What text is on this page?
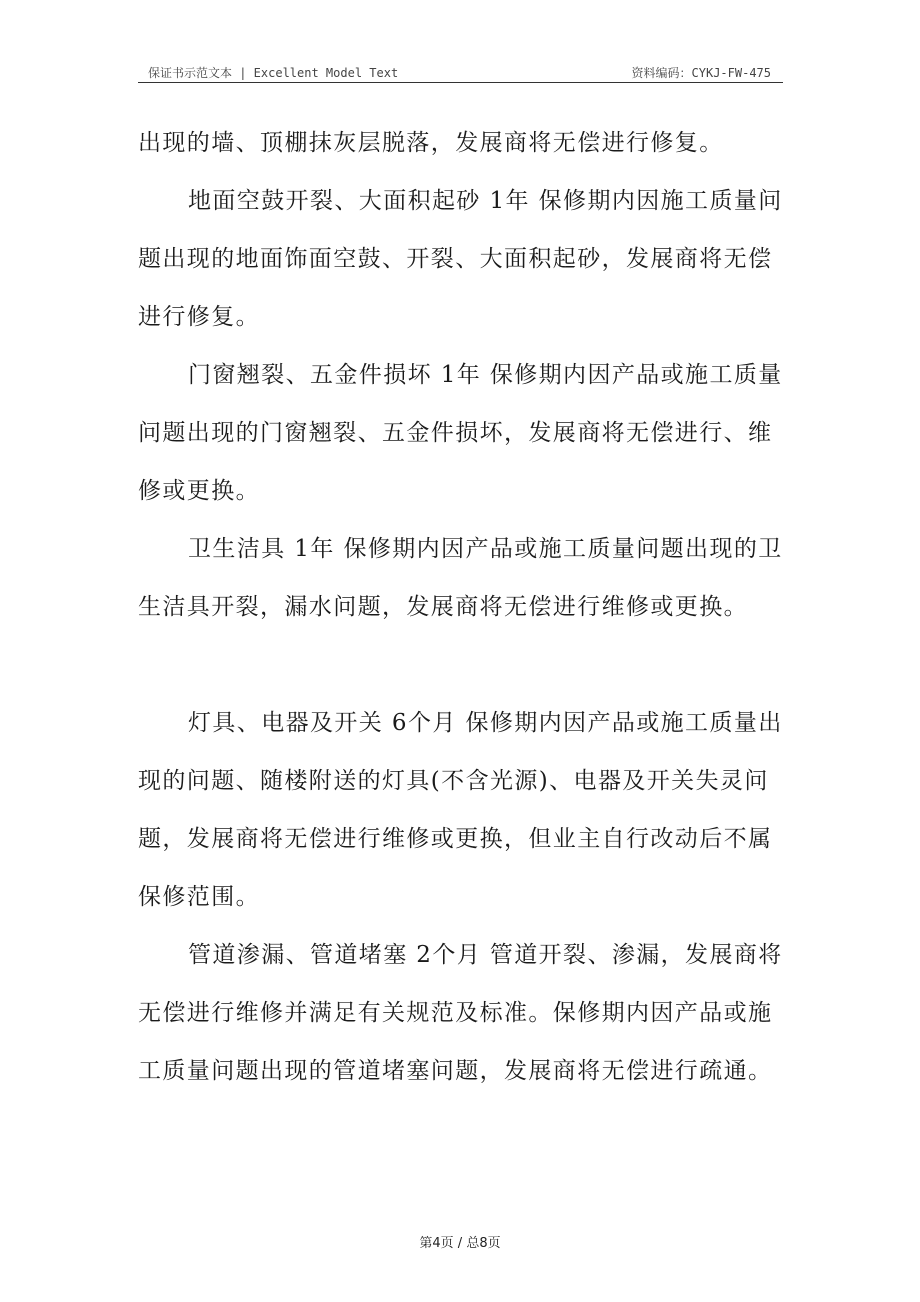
保证书示范文本 | Excellent Model Text	资料编码：CYKJ-FW-475

出现的墙、顶棚抹灰层脱落，发展商将无偿进行修复。

地面空鼓开裂、大面积起砂 1年 保修期内因施工质量问题出现的地面饰面空鼓、开裂、大面积起砂，发展商将无偿进行修复。

门窗翘裂、五金件损坏 1年 保修期内因产品或施工质量问题出现的门窗翘裂、五金件损坏，发展商将无偿进行、维修或更换。

卫生洁具 1年 保修期内因产品或施工质量问题出现的卫生洁具开裂，漏水问题，发展商将无偿进行维修或更换。

灯具、电器及开关 6个月 保修期内因产品或施工质量出现的问题、随楼附送的灯具(不含光源)、电器及开关失灵问题，发展商将无偿进行维修或更换，但业主自行改动后不属保修范围。

管道渗漏、管道堵塞 2个月 管道开裂、渗漏，发展商将无偿进行维修并满足有关规范及标准。保修期内因产品或施工质量问题出现的管道堵塞问题，发展商将无偿进行疏通。

第4页 / 总8页
